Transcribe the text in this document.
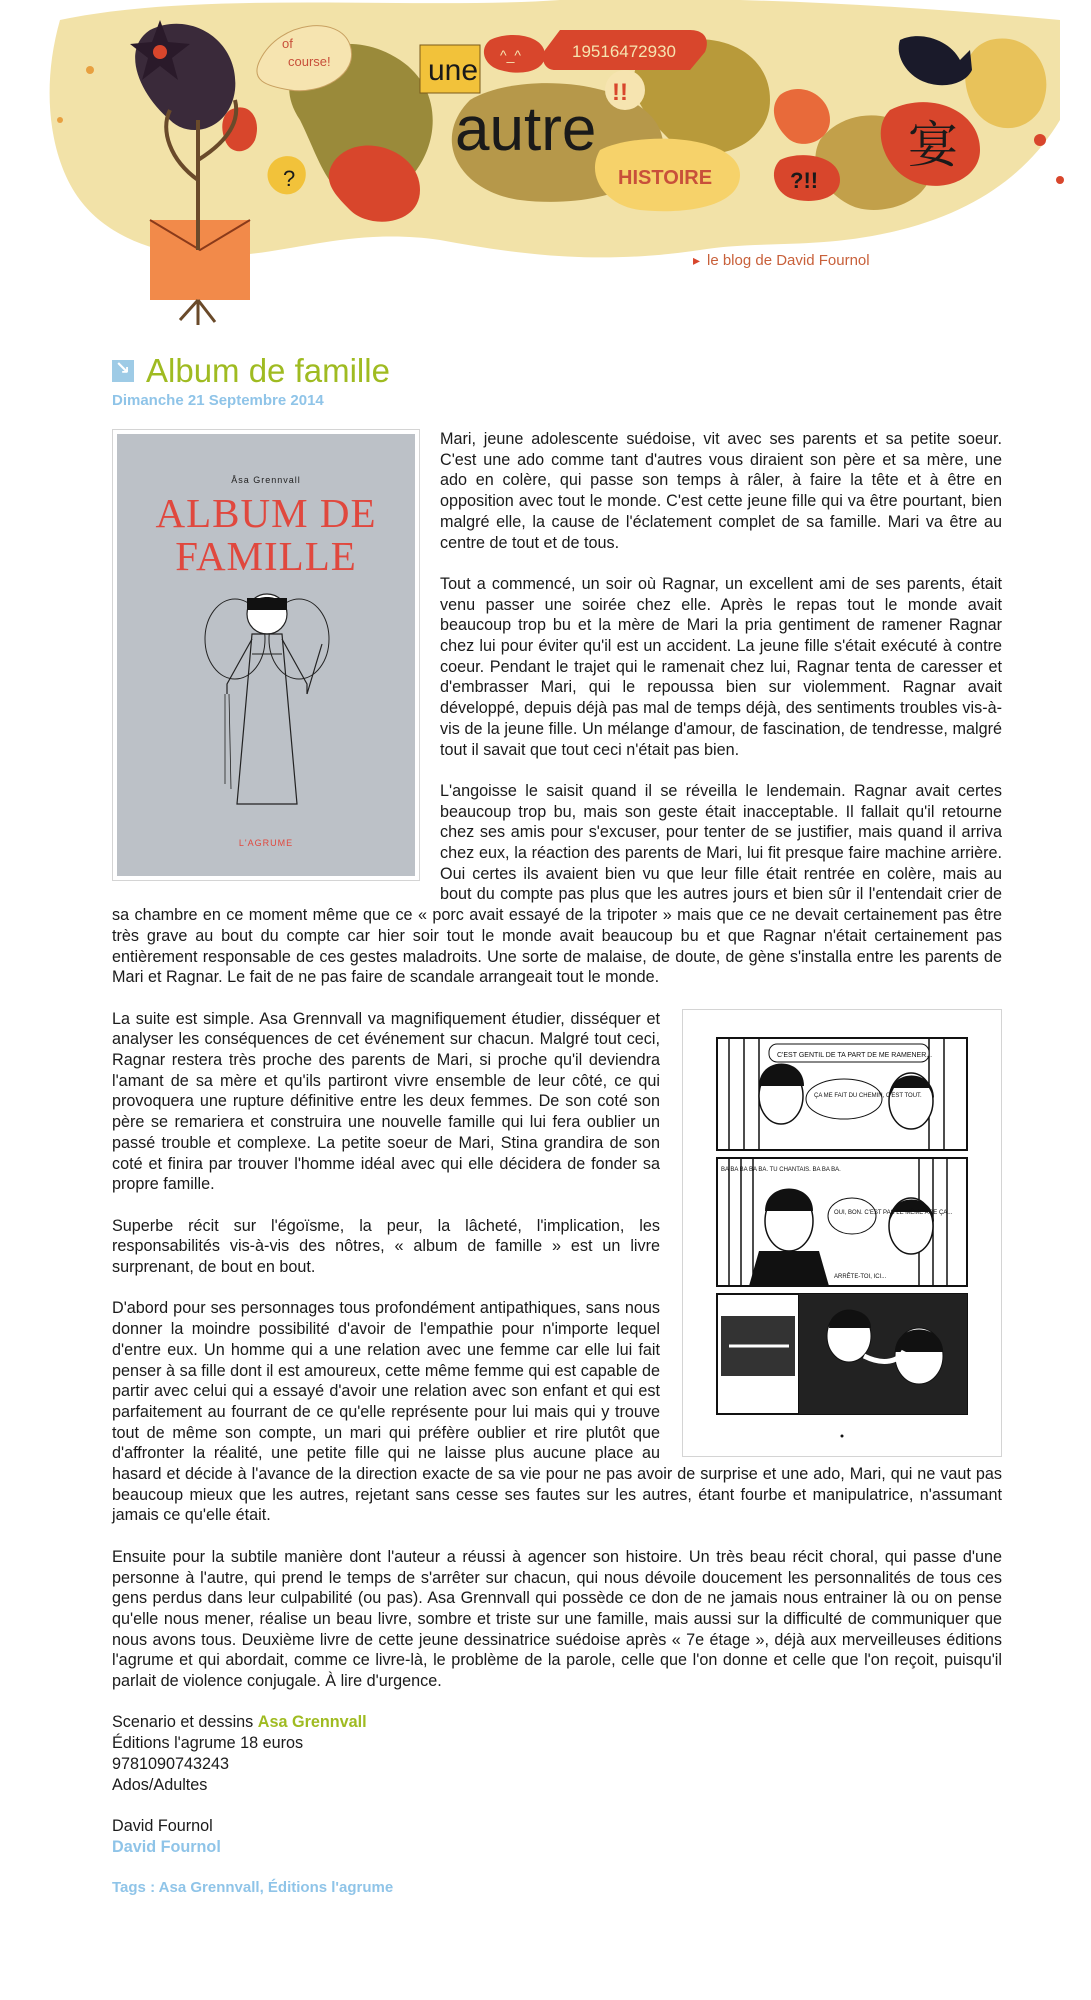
of
course!	une
autre
HISTOIRE
^_^	19516472930
!!
?	?!!
宴
▸ le blog de David Fournol
↘
Album de famille
Dimanche 21 Septembre 2014
Åsa Grennvall
ALBUM DE
FAMILLE
L'AGRUME

Mari, jeune adolescente suédoise, vit avec ses parents et sa petite soeur. C'est une ado comme tant d'autres vous diraient son père et sa mère, une ado en colère, qui passe son temps à râler, à faire la tête et à être en opposition avec tout le monde. C'est cette jeune fille qui va être pourtant, bien malgré elle, la cause de l'éclatement complet de sa famille. Mari va être au centre de tout et de tous.

Tout a commencé, un soir où Ragnar, un excellent ami de ses parents, était venu passer une soirée chez elle. Après le repas tout le monde avait beaucoup trop bu et la mère de Mari la pria gentiment de ramener Ragnar chez lui pour éviter qu'il est un accident. La jeune fille s'était exécuté à contre coeur. Pendant le trajet qui le ramenait chez lui, Ragnar tenta de caresser et d'embrasser Mari, qui le repoussa bien sur violemment. Ragnar avait développé, depuis déjà pas mal de temps déjà, des sentiments troubles vis-à-vis de la jeune fille. Un mélange d'amour, de fascination, de tendresse, malgré tout il savait que tout ceci n'était pas bien.

L'angoisse le saisit quand il se réveilla le lendemain. Ragnar avait certes beaucoup trop bu, mais son geste était inacceptable. Il fallait qu'il retourne chez ses amis pour s'excuser, pour tenter de se justifier, mais quand il arriva chez eux, la réaction des parents de Mari, lui fit presque faire machine arrière. Oui certes ils avaient bien vu que leur fille était rentrée en colère, mais au bout du compte pas plus que les autres jours et bien sûr il l'entendait crier de sa chambre en ce moment même que ce « porc avait essayé de la tripoter » mais que ce ne devait certainement pas être très grave au bout du compte car hier soir tout le monde avait beaucoup bu et que Ragnar n'était certainement pas entièrement responsable de ces gestes maladroits. Une sorte de malaise, de doute, de gène s'installa entre les parents de Mari et Ragnar. Le fait de ne pas faire de scandale arrangeait tout le monde.

C'EST GENTIL DE TA PART DE ME RAMENER...
ÇA ME FAIT DU CHEMIN, C'EST TOUT.
BA BA BA BA BA. TU CHANTAIS. BA BA BA.
OUI, BON. C'EST PAS LE MÊME AGE ÇA...
ARRÊTE-TOI, ICI...

La suite est simple. Asa Grennvall va magnifiquement étudier, disséquer et analyser les conséquences de cet événement sur chacun. Malgré tout ceci, Ragnar restera très proche des parents de Mari, si proche qu'il deviendra l'amant de sa mère et qu'ils partiront vivre ensemble de leur côté, ce qui provoquera une rupture définitive entre les deux femmes. De son coté son père se remariera et construira une nouvelle famille qui lui fera oublier un passé trouble et complexe. La petite soeur de Mari, Stina grandira de son coté et finira par trouver l'homme idéal avec qui elle décidera de fonder sa propre famille.

Superbe récit sur l'égoïsme, la peur, la lâcheté, l'implication, les responsabilités vis-à-vis des nôtres, « album de famille » est un livre surprenant, de bout en bout.

D'abord pour ses personnages tous profondément antipathiques, sans nous donner la moindre possibilité d'avoir de l'empathie pour n'importe lequel d'entre eux. Un homme qui a une relation avec une femme car elle lui fait penser à sa fille dont il est amoureux, cette même femme qui est capable de partir avec celui qui a essayé d'avoir une relation avec son enfant et qui est parfaitement au fourrant de ce qu'elle représente pour lui mais qui y trouve tout de même son compte, un mari qui préfère oublier et rire plutôt que d'affronter la réalité, une petite fille qui ne laisse plus aucune place au hasard et décide à l'avance de la direction exacte de sa vie pour ne pas avoir de surprise et une ado, Mari, qui ne vaut pas beaucoup mieux que les autres, rejetant sans cesse ses fautes sur les autres, étant fourbe et manipulatrice, n'assumant jamais ce qu'elle était.

Ensuite pour la subtile manière dont l'auteur a réussi à agencer son histoire. Un très beau récit choral, qui passe d'une personne à l'autre, qui prend le temps de s'arrêter sur chacun, qui nous dévoile doucement les personnalités de tous ces gens perdus dans leur culpabilité (ou pas). Asa Grennvall qui possède ce don de ne jamais nous entrainer là ou on pense qu'elle nous mener, réalise un beau livre, sombre et triste sur une famille, mais aussi sur la difficulté de communiquer que nous avons tous. Deuxième livre de cette jeune dessinatrice suédoise après « 7e étage », déjà aux merveilleuses éditions l'agrume et qui abordait, comme ce livre-là, le problème de la parole, celle que l'on donne et celle que l'on reçoit, puisqu'il parlait de violence conjugale. À lire d'urgence.

Scenario et dessins Asa Grennvall
Éditions l'agrume 18 euros
9781090743243
Ados/Adultes
David Fournol
David Fournol
Tags : Asa Grennvall, Éditions l'agrume
